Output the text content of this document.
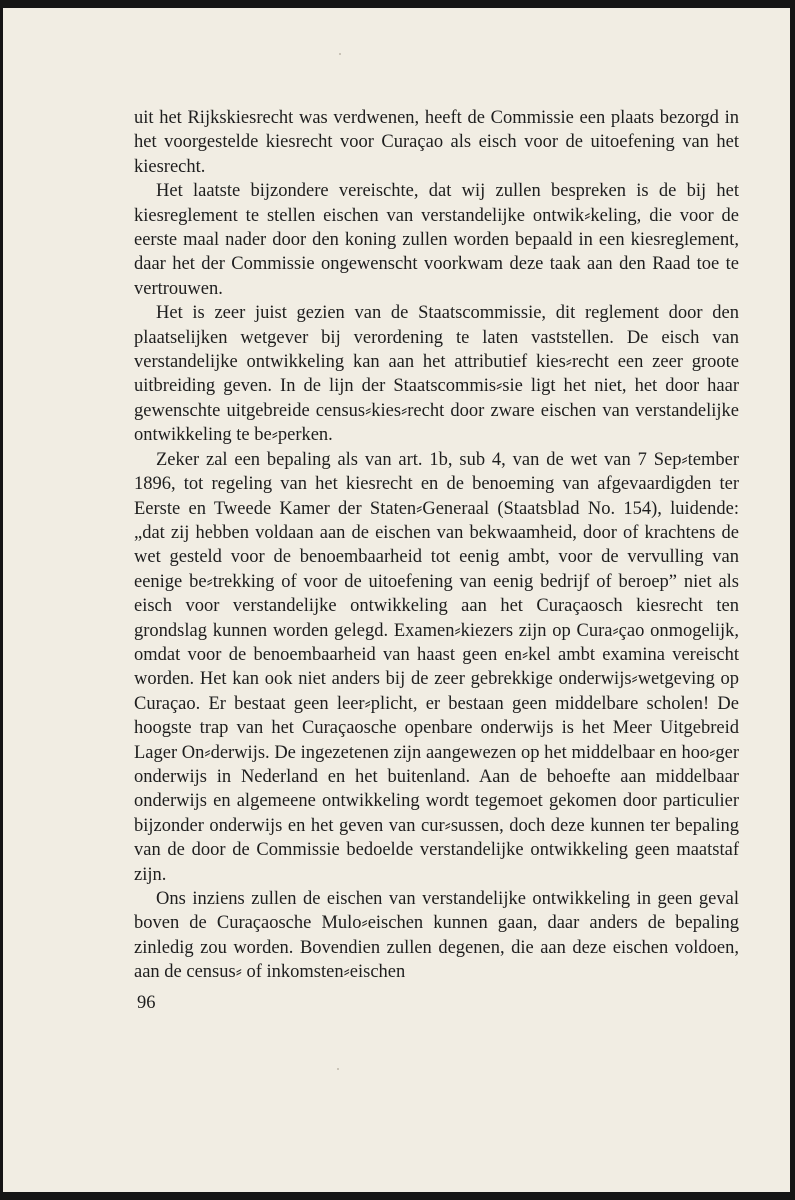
uit het Rijkskiesrecht was verdwenen, heeft de Commissie een plaats bezorgd in het voorgestelde kiesrecht voor Curaçao als eisch voor de uitoefening van het kiesrecht.

Het laatste bijzondere vereischte, dat wij zullen bespreken is de bij het kiesreglement te stellen eischen van verstandelijke ontwik⸗keling, die voor de eerste maal nader door den koning zullen worden bepaald in een kiesreglement, daar het der Commissie ongewenscht voorkwam deze taak aan den Raad toe te vertrouwen.

Het is zeer juist gezien van de Staatscommissie, dit reglement door den plaatselijken wetgever bij verordening te laten vaststellen. De eisch van verstandelijke ontwikkeling kan aan het attributief kies⸗recht een zeer groote uitbreiding geven. In de lijn der Staatscommis⸗sie ligt het niet, het door haar gewenschte uitgebreide census⸗kies⸗recht door zware eischen van verstandelijke ontwikkeling te be⸗perken.

Zeker zal een bepaling als van art. 1b, sub 4, van de wet van 7 Sep⸗tember 1896, tot regeling van het kiesrecht en de benoeming van afgevaardigden ter Eerste en Tweede Kamer der Staten⸗Generaal (Staatsblad No. 154), luidende: „dat zij hebben voldaan aan de eischen van bekwaamheid, door of krachtens de wet gesteld voor de benoembaarheid tot eenig ambt, voor de vervulling van eenige be⸗trekking of voor de uitoefening van eenig bedrijf of beroep” niet als eisch voor verstandelijke ontwikkeling aan het Curaçaosch kiesrecht ten grondslag kunnen worden gelegd. Examen⸗kiezers zijn op Cura⸗çao onmogelijk, omdat voor de benoembaarheid van haast geen en⸗kel ambt examina vereischt worden. Het kan ook niet anders bij de zeer gebrekkige onderwijs⸗wetgeving op Curaçao. Er bestaat geen leer⸗plicht, er bestaan geen middelbare scholen! De hoogste trap van het Curaçaosche openbare onderwijs is het Meer Uitgebreid Lager On⸗derwijs. De ingezetenen zijn aangewezen op het middelbaar en hoo⸗ger onderwijs in Nederland en het buitenland. Aan de behoefte aan middelbaar onderwijs en algemeene ontwikkeling wordt tegemoet gekomen door particulier bijzonder onderwijs en het geven van cur⸗sussen, doch deze kunnen ter bepaling van de door de Commissie bedoelde verstandelijke ontwikkeling geen maatstaf zijn.

Ons inziens zullen de eischen van verstandelijke ontwikkeling in geen geval boven de Curaçaosche Mulo⸗eischen kunnen gaan, daar anders de bepaling zinledig zou worden. Bovendien zullen degenen, die aan deze eischen voldoen, aan de census⸗ of inkomsten⸗eischen

96
